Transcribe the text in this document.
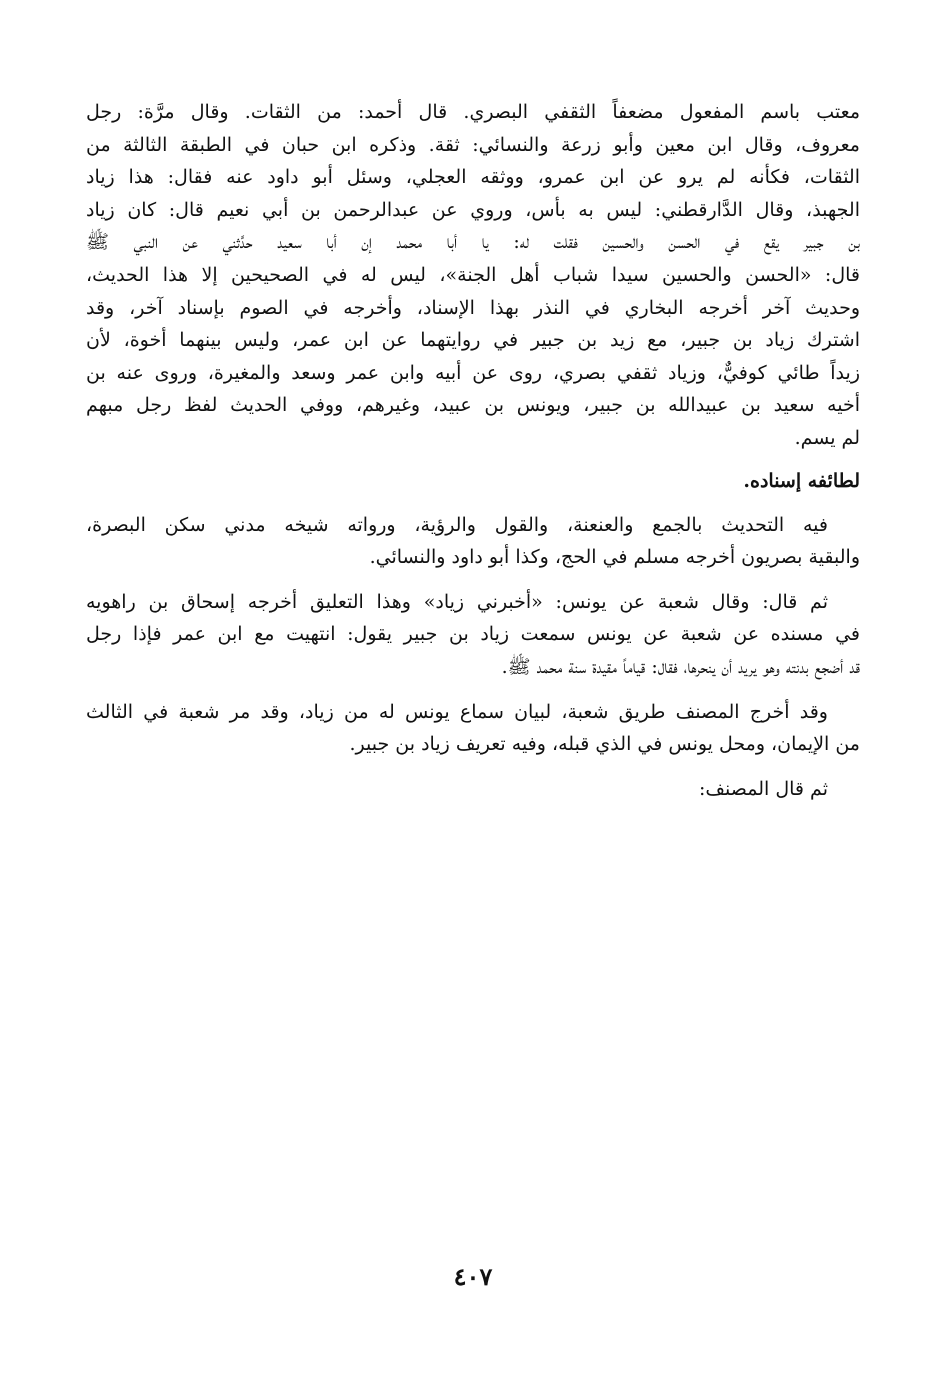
معتب باسم المفعول مضعفاً الثقفي البصري. قال أحمد: من الثقات. وقال مرَّة: رجل
معروف، وقال ابن معين وأبو زرعة والنسائي: ثقة. وذكره ابن حبان في الطبقة الثالثة من
الثقات، فكأنه لم يرو عن ابن عمرو، ووثقه العجلي، وسئل أبو داود عنه فقال: هذا زياد
الجهبذ، وقال الدَّارقطني: ليس به بأس، وروي عن عبدالرحمن بن أبي نعيم قال: كان زياد
بن جبير يقع في الحسن والحسين فقلت له: يا أبا محمد إن أبا سعيد حدَّثني عن النبي ﷺ
قال: «الحسن والحسين سيدا شباب أهل الجنة»، ليس له في الصحيحين إلا هذا الحديث،
وحديث آخر أخرجه البخاري في النذر بهذا الإسناد، وأخرجه في الصوم بإسناد آخر، وقد
اشترك زياد بن جبير، مع زيد بن جبير في روايتهما عن ابن عمر، وليس بينهما أخوة، لأن
زيداً طائي كوفيٌّ، وزياد ثقفي بصري، روى عن أبيه وابن عمر وسعد والمغيرة، وروى عنه بن
أخيه سعيد بن عبيدالله بن جبير، ويونس بن عبيد، وغيرهم، ووفي الحديث لفظ رجل مبهم
لم يسم.
لطائفه إسناده.
فيه التحديث بالجمع والعنعنة، والقول والرؤية، ورواته شيخه مدني سكن البصرة،
والبقية بصريون أخرجه مسلم في الحج، وكذا أبو داود والنسائي.
ثم قال: وقال شعبة عن يونس: «أخبرني زياد» وهذا التعليق أخرجه إسحاق بن راهويه
في مسنده عن شعبة عن يونس سمعت زياد بن جبير يقول: انتهيت مع ابن عمر فإذا رجل
قد أضجع بدنته وهو يريد أن ينحرها، فقال: قياماً مقيدة سنة محمد ﷺ.
وقد أخرج المصنف طريق شعبة، لبيان سماع يونس له من زياد، وقد مر شعبة في الثالث
من الإيمان، ومحل يونس في الذي قبله، وفيه تعريف زياد بن جبير.
ثم قال المصنف:
٤٠٧
